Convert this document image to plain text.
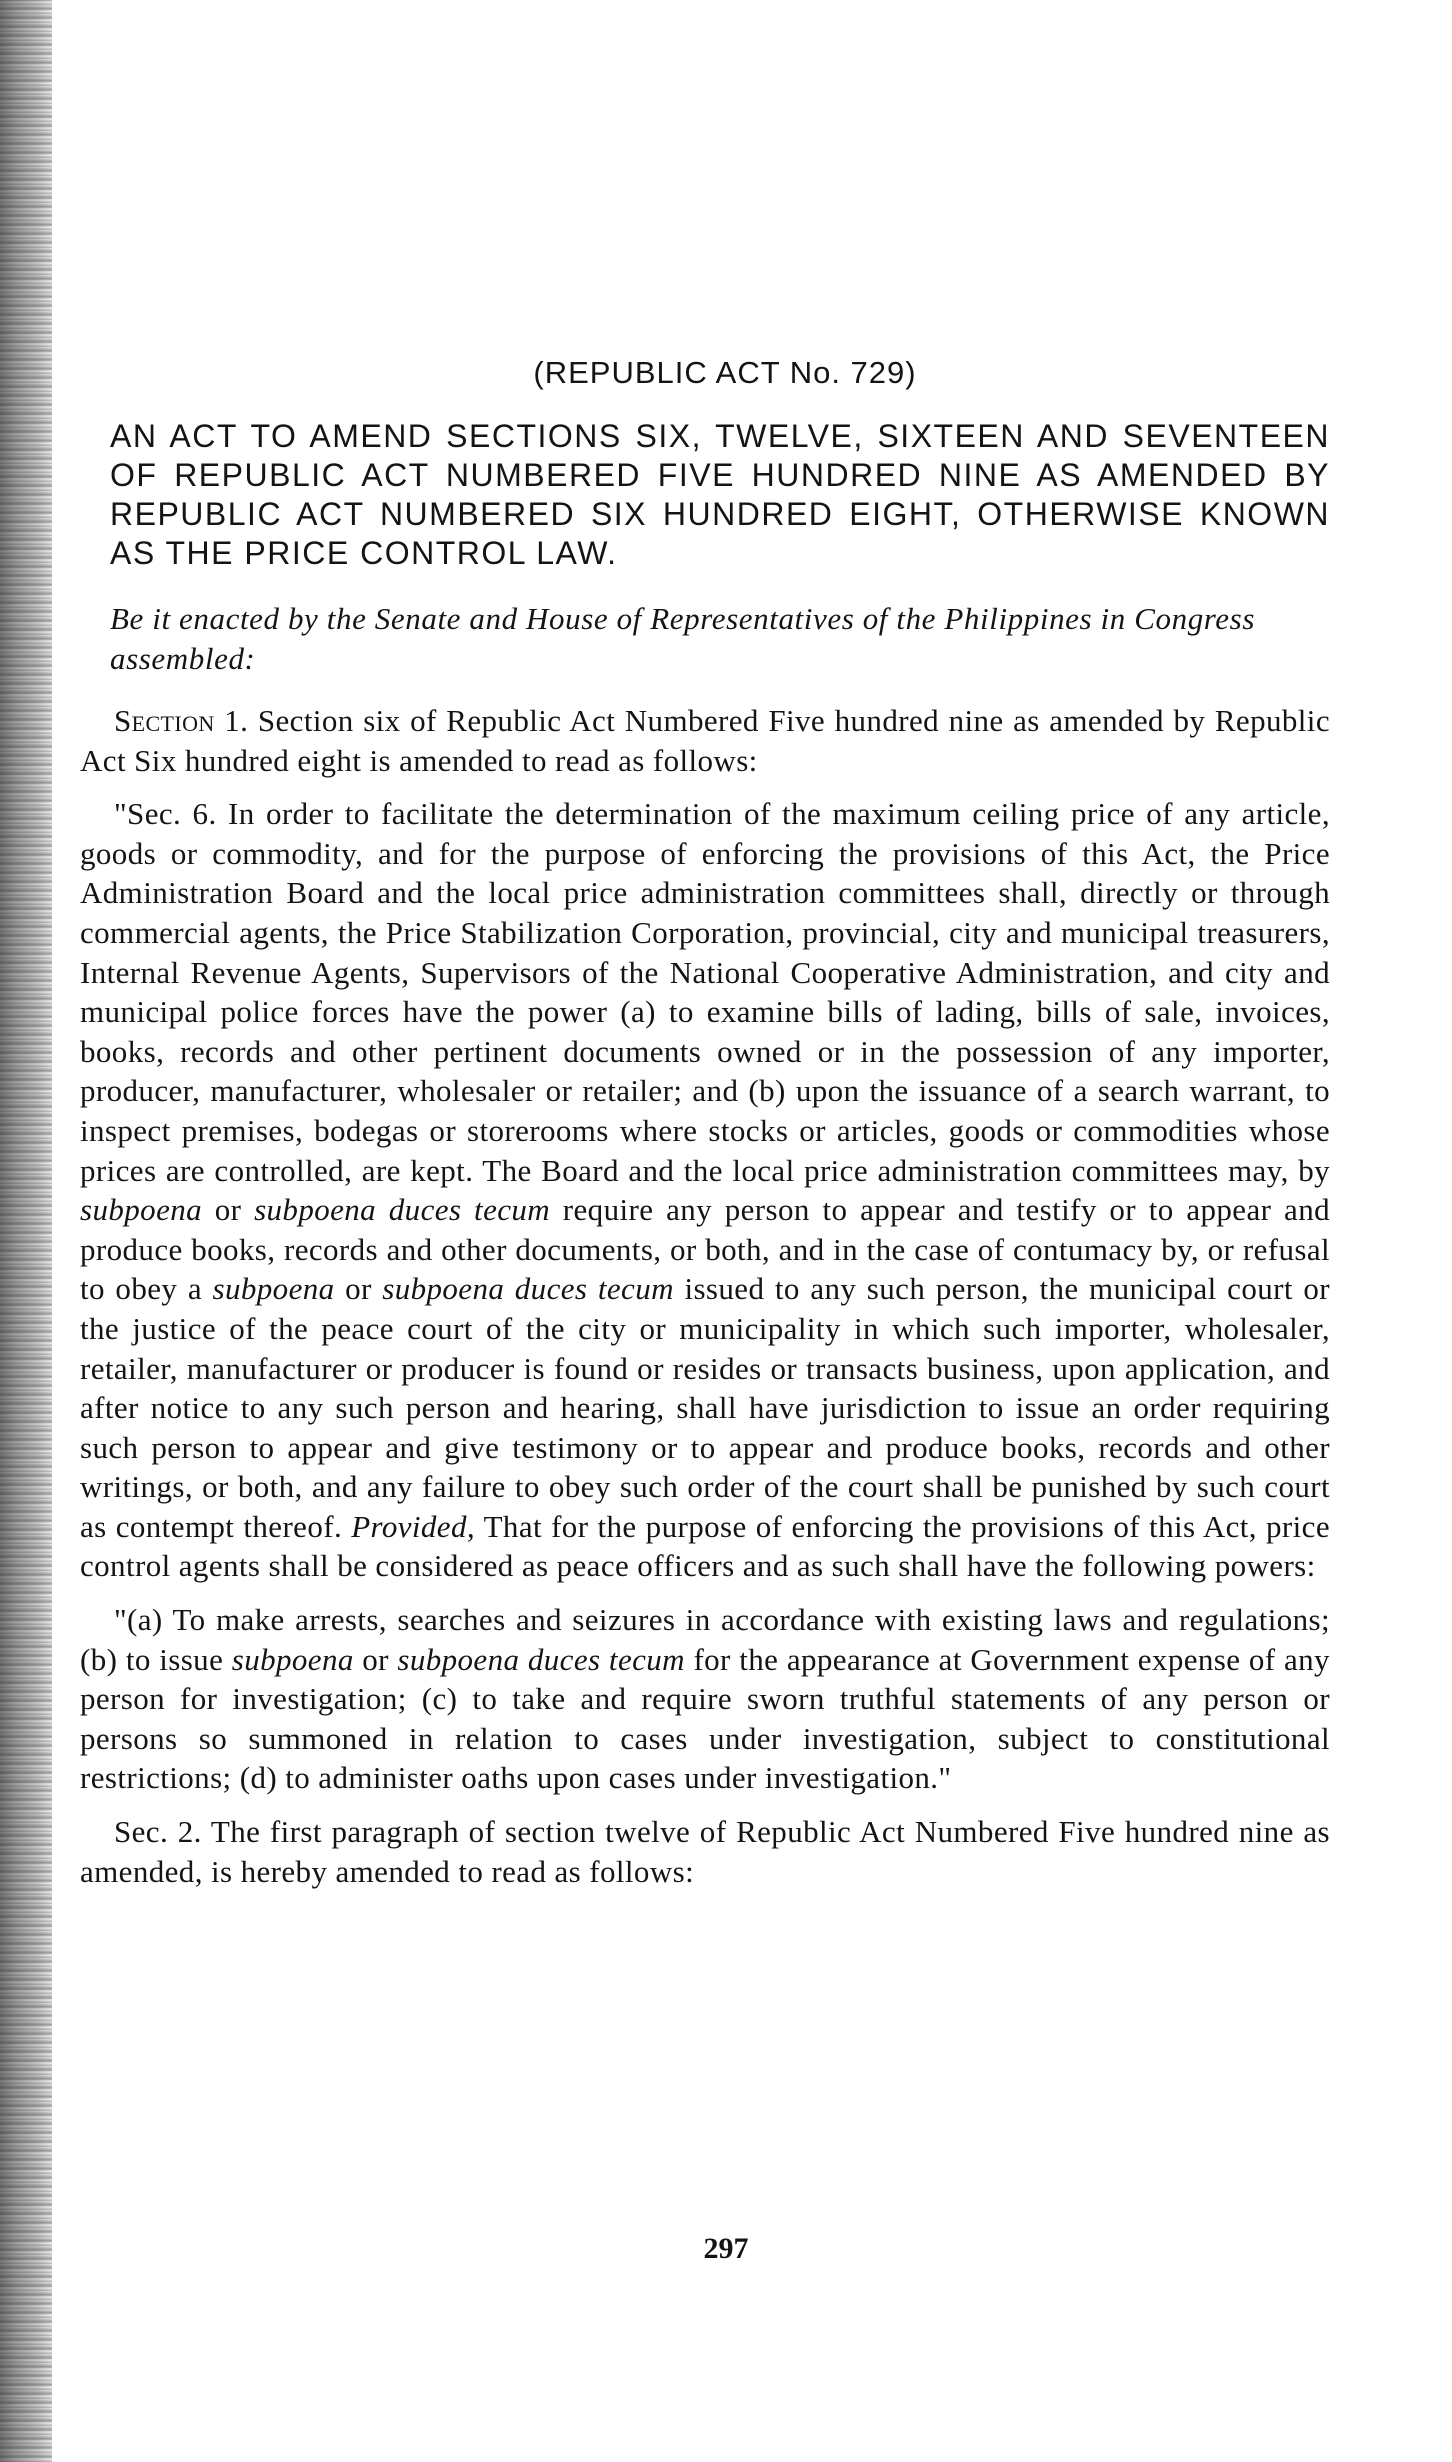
(REPUBLIC ACT No. 729)
AN ACT TO AMEND SECTIONS SIX, TWELVE, SIXTEEN AND SEVENTEEN OF REPUBLIC ACT NUMBERED FIVE HUNDRED NINE AS AMENDED BY REPUBLIC ACT NUMBERED SIX HUNDRED EIGHT, OTHERWISE KNOWN AS THE PRICE CONTROL LAW.
Be it enacted by the Senate and House of Representatives of the Philippines in Congress assembled:

Section 1. Section six of Republic Act Numbered Five hundred nine as amended by Republic Act Six hundred eight is amended to read as follows:

"Sec. 6. In order to facilitate the determination of the maximum ceiling price of any article, goods or commodity, and for the purpose of enforcing the provisions of this Act, the Price Administration Board and the local price administration committees shall, directly or through commercial agents, the Price Stabilization Corporation, provincial, city and municipal treasurers, Internal Revenue Agents, Supervisors of the National Cooperative Administration, and city and municipal police forces have the power (a) to examine bills of lading, bills of sale, invoices, books, records and other pertinent documents owned or in the possession of any importer, producer, manufacturer, wholesaler or retailer; and (b) upon the issuance of a search warrant, to inspect premises, bodegas or storerooms where stocks or articles, goods or commodities whose prices are controlled, are kept. The Board and the local price administration committees may, by subpoena or subpoena duces tecum require any person to appear and testify or to appear and produce books, records and other documents, or both, and in the case of contumacy by, or refusal to obey a subpoena or subpoena duces tecum issued to any such person, the municipal court or the justice of the peace court of the city or municipality in which such importer, wholesaler, retailer, manufacturer or producer is found or resides or transacts business, upon application, and after notice to any such person and hearing, shall have jurisdiction to issue an order requiring such person to appear and give testimony or to appear and produce books, records and other writings, or both, and any failure to obey such order of the court shall be punished by such court as contempt thereof. Provided, That for the purpose of enforcing the provisions of this Act, price control agents shall be considered as peace officers and as such shall have the following powers:

"(a) To make arrests, searches and seizures in accordance with existing laws and regulations; (b) to issue subpoena or subpoena duces tecum for the appearance at Government expense of any person for investigation; (c) to take and require sworn truthful statements of any person or persons so summoned in relation to cases under investigation, subject to constitutional restrictions; (d) to administer oaths upon cases under investigation."

Sec. 2. The first paragraph of section twelve of Republic Act Numbered Five hundred nine as amended, is hereby amended to read as follows:

297
